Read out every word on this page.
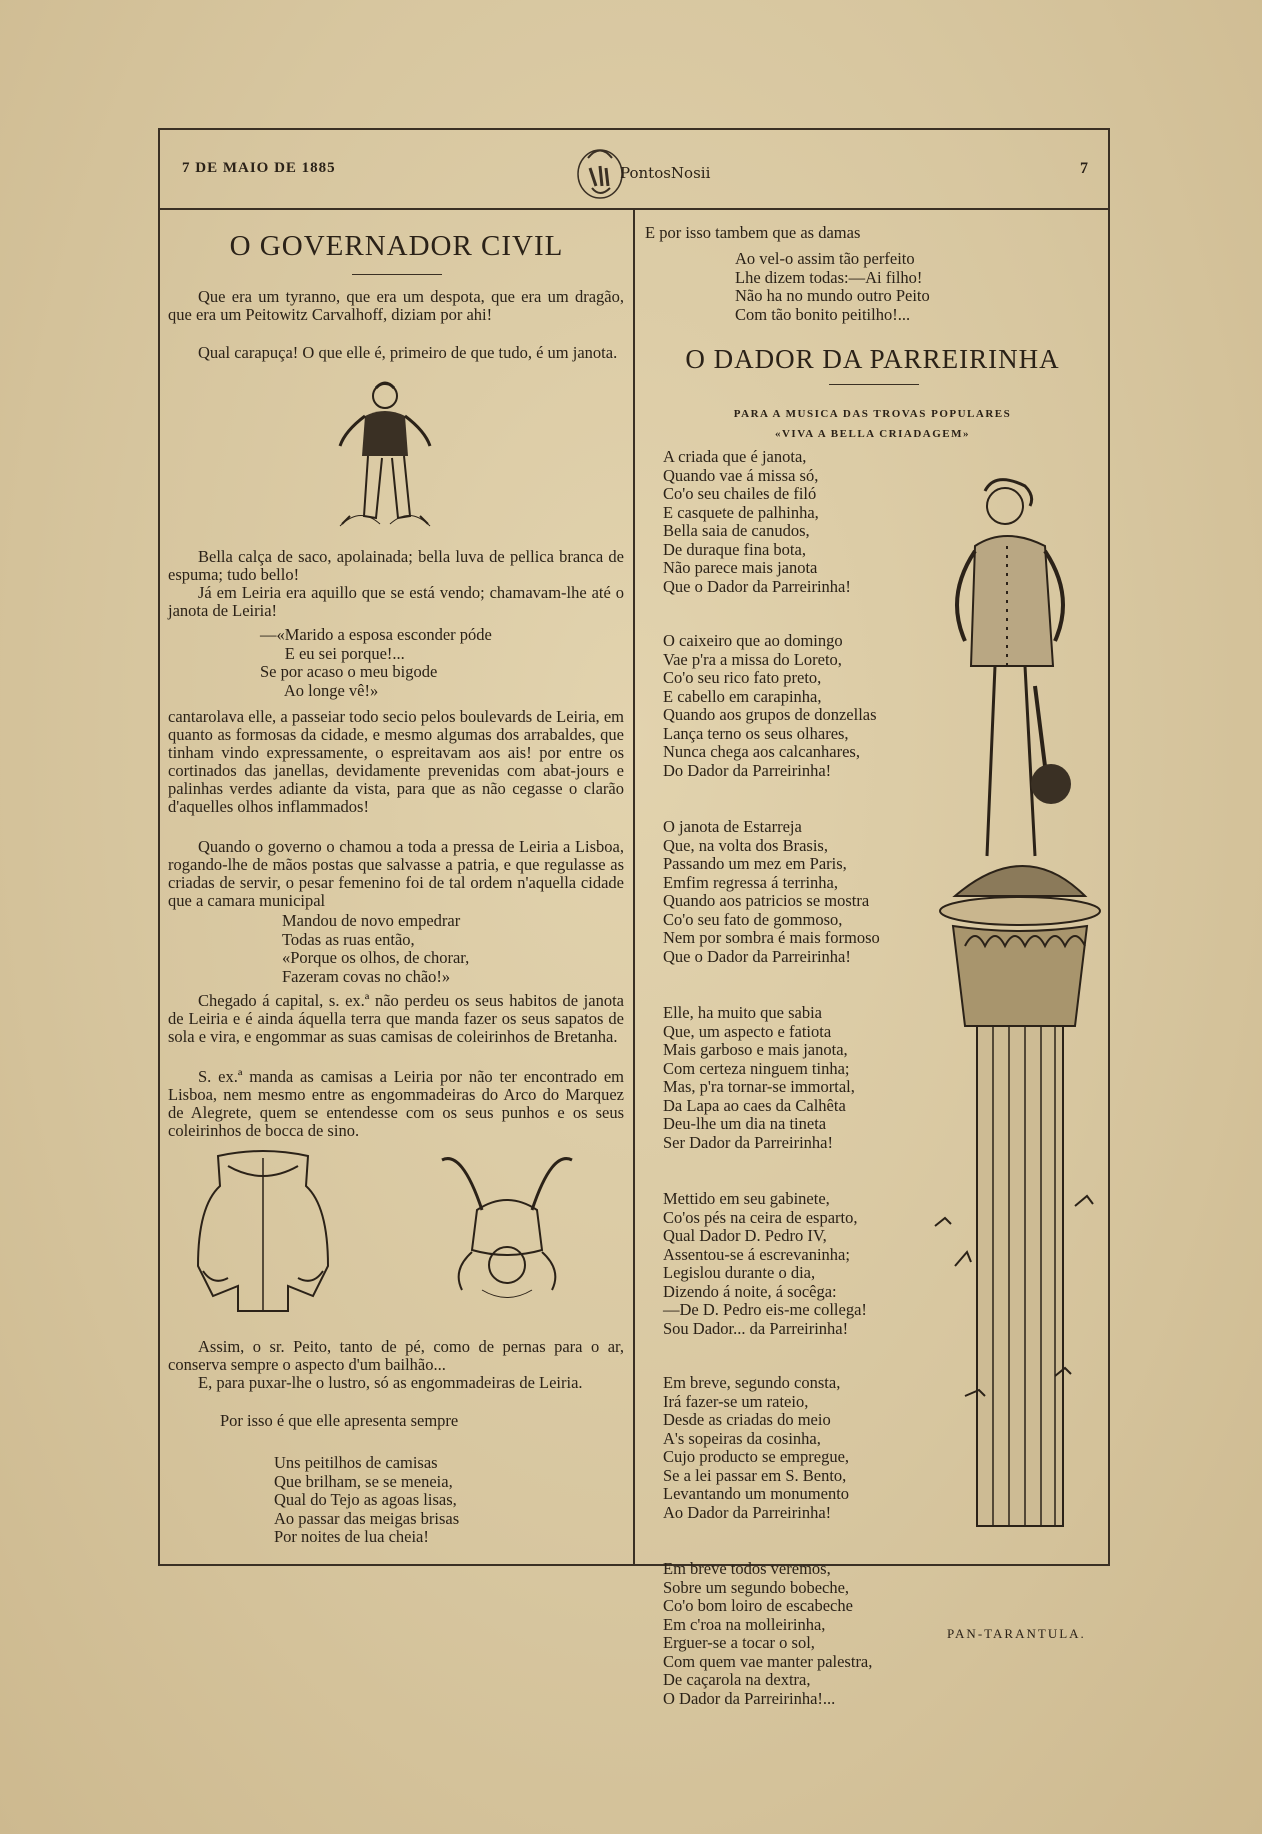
7 DE MAIO DE 1885	PontosNosii	7
O GOVERNADOR CIVIL
Que era um tyranno, que era um despota, que era um dragão, que era um Peitowitz Carvalhoff, diziam por ahi!
Qual carapuça! O que elle é, primeiro de que tudo, é um janota.
Bella calça de saco, apolainada; bella luva de pellica branca de espuma; tudo bello!
Já em Leiria era aquillo que se está vendo; chamavam-lhe até o janota de Leiria!
—«Marido a esposa esconder póde
E eu sei porque!...
Se por acaso o meu bigode
Ao longe vê!»
cantarolava elle, a passeiar todo secio pelos boulevards de Leiria, em quanto as formosas da cidade, e mesmo algumas dos arrabaldes, que tinham vindo expressamente, o espreitavam aos ais! por entre os cortinados das janellas, devidamente prevenidas com abat-jours e palinhas verdes adiante da vista, para que as não cegasse o clarão d'aquelles olhos inflammados!
Quando o governo o chamou a toda a pressa de Leiria a Lisboa, rogando-lhe de mãos postas que salvasse a patria, e que regulasse as criadas de servir, o pesar femenino foi de tal ordem n'aquella cidade que a camara municipal
Mandou de novo empedrar
Todas as ruas então,
«Porque os olhos, de chorar,
Fazeram covas no chão!»
Chegado á capital, s. ex.ª não perdeu os seus habitos de janota de Leiria e é ainda áquella terra que manda fazer os seus sapatos de sola e vira, e engommar as suas camisas de coleirinhos de Bretanha.
S. ex.ª manda as camisas a Leiria por não ter encontrado em Lisboa, nem mesmo entre as engommadeiras do Arco do Marquez de Alegrete, quem se entendesse com os seus punhos e os seus coleirinhos de bocca de sino.
Assim, o sr. Peito, tanto de pé, como de pernas para o ar, conserva sempre o aspecto d'um bailhão...
E, para puxar-lhe o lustro, só as engommadeiras de Leiria.
Por isso é que elle apresenta sempre
Uns peitilhos de camisas
Que brilham, se se meneia,
Qual do Tejo as agoas lisas,
Ao passar das meigas brisas
Por noites de lua cheia!
E por isso tambem que as damas
Ao vel-o assim tão perfeito
Lhe dizem todas:—Ai filho!
Não ha no mundo outro Peito
Com tão bonito peitilho!...
O DADOR DA PARREIRINHA
PARA A MUSICA DAS TROVAS POPULARES
«VIVA A BELLA CRIADAGEM»
A criada que é janota,
Quando vae á missa só,
Co'o seu chailes de filó
E casquete de palhinha,
Bella saia de canudos,
De duraque fina bota,
Não parece mais janota
Que o Dador da Parreirinha!
O caixeiro que ao domingo
Vae p'ra a missa do Loreto,
Co'o seu rico fato preto,
E cabello em carapinha,
Quando aos grupos de donzellas
Lança terno os seus olhares,
Nunca chega aos calcanhares,
Do Dador da Parreirinha!
O janota de Estarreja
Que, na volta dos Brasis,
Passando um mez em Paris,
Emfim regressa á terrinha,
Quando aos patricios se mostra
Co'o seu fato de gommoso,
Nem por sombra é mais formoso
Que o Dador da Parreirinha!
Elle, ha muito que sabia
Que, um aspecto e fatiota
Mais garboso e mais janota,
Com certeza ninguem tinha;
Mas, p'ra tornar-se immortal,
Da Lapa ao caes da Calhêta
Deu-lhe um dia na tineta
Ser Dador da Parreirinha!
Mettido em seu gabinete,
Co'os pés na ceira de esparto,
Qual Dador D. Pedro IV,
Assentou-se á escrevaninha;
Legislou durante o dia,
Dizendo á noite, á socêga:
—De D. Pedro eis-me collega!
Sou Dador... da Parreirinha!
Em breve, segundo consta,
Irá fazer-se um rateio,
Desde as criadas do meio
A's sopeiras da cosinha,
Cujo producto se empregue,
Se a lei passar em S. Bento,
Levantando um monumento
Ao Dador da Parreirinha!
Em breve todos veremos,
Sobre um segundo bobeche,
Co'o bom loiro de escabeche
Em c'roa na molleirinha,
Erguer-se a tocar o sol,
Com quem vae manter palestra,
De caçarola na dextra,
O Dador da Parreirinha!...
PAN-TARANTULA.
